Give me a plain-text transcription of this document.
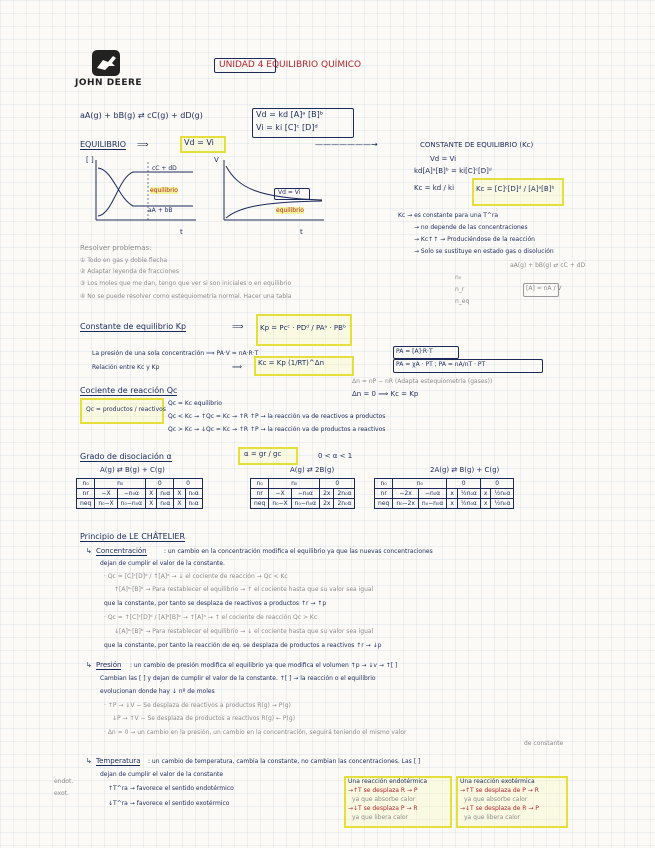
JOHN DEERE
UNIDAD 4 EQUILIBRIO QUÍMICO
aA(g) + bB(g) ⇄ cC(g) + dD(g)	Vd = kd [A]ᵃ [B]ᵇ
Vi = ki [C]ᶜ [D]ᵈ
EQUILIBRIO ⟹	Vd = Vi	———————→	CONSTANTE DE EQUILIBRIO (Kc)
Vd = Vi
kd[A]ᵃ[B]ᵇ = ki[C]ᶜ[D]ᵈ
Kc = kd / ki	Kc = [C]ᶜ[D]ᵈ / [A]ᵃ[B]ᵇ
[ ]
cC + dD
equilibrio
aA + bB
t
V
Vd = Vi
equilibrio
t
Kc → es constante para una T^ra
→ no depende de las concentraciones
→ Kc↑↑ → Produciéndose de la reacción
→ Solo se sustituye en estado gas o disolución
Resolver problemas:
① Todo en gas y doble flecha
② Adaptar leyenda de fracciones
③ Los moles que me dan, tengo que ver si son iniciales o en equilibrio
④ No se puede resolver como estequiometría normal. Hacer una tabla
aA(g) + bB(g) ⇄ cC + dD
n₀
n_r
n_eq
[A] = nA / V
Constante de equilibrio Kp	⟹ Kp = Pcᶜ · PDᵈ / PAᵃ · PBᵇ
La presión de una sola concentración ⟹ PA·V = nA·R·T	PA = [A]·R·T
PA = χA · PT ; PA = nA/nT · PT
Relación entre Kc y Kp	⟹ Kc = Kp (1/RT)^Δn
Δn = nP − nR (Adapta estequiometría (gases))
Δn = 0 ⟹ Kc = Kp
Cociente de reacción Qc
Qc = productos / reactivos
Qc = Kc equilibrio
Qc < Kc → ↑Qc = Kc → ↑R ↑P → la reacción va de reactivos a productos
Qc > Kc → ↓Qc = Kc → ↑R ↑P → la reacción va de productos a reactivos
Grado de disociación α	α = gr / gc	0 < α < 1
A(g) ⇄ B(g) + C(g)	A(g) ⇄ 2B(g)	2A(g) ⇄ B(g) + C(g)
n₀	n₀		0		0	
nr	−X	−n₀α	X	n₀α	X	n₀α
neq	n₀−X	n₀−n₀α	X	n₀α	X	n₀α
n₀	n₀		0	
nr	−X	−n₀α	2x	2n₀α
neq	n₀−X	n₀−n₀α	2x	2n₀α
n₀	n₀		0		0	
nr	−2x	−n₀α	x	½n₀α	x	½n₀α
neq	n₀−2x	n₀−n₀α	x	½n₀α	x	½n₀α
Principio de LE CHÂTELIER
↳ Concentración	: un cambio en la concentración modifica el equilibrio ya que las nuevas concentraciones
dejan de cumplir el valor de la constante.
· Qc = [C]ᶜ[D]ᵈ / ↑[A]ᵃ → ↓ el cociente de reacción → Qc < Kc
↑[A]ᵃ·[B]ᵇ → Para restablecer el equilibrio → ↑ el cociente hasta que su valor sea igual
que la constante, por tanto se desplaza de reactivos a productos ↑r → ↑p
· Qc = ↑[C]ᶜ[D]ᵈ / [A]ᵃ[B]ᵇ → ↑[A]ᵃ → ↑ el cociente de reacción Qc > Kc
↓[A]ᵃ·[B]ᵇ → Para restablecer el equilibrio → ↓ el cociente hasta que su valor sea igual
que la constante, por tanto la reacción de eq. se desplaza de productos a reactivos ↑r → ↓p
↳ Presión : un cambio de presión modifica el equilibrio ya que modifica el volumen ↑p → ↓v → ↑[ ]
Cambian las [ ] y dejan de cumplir el valor de la constante. ↑[ ] → la reacción o el equilibrio
evolucionan donde hay ↓ nº de moles
· ↑P → ↓V − Se desplaza de reactivos a productos R(g) → P(g)
↓P → ↑V − Se desplaza de productos a reactivos R(g) ← P(g)
· Δn = 0 → un cambio en la presión, un cambio en la concentración, seguirá teniendo el mismo valor
de constante
↳ Temperatura : un cambio de temperatura, cambia la constante, no cambian las concentraciones. Las [ ]
dejan de cumplir el valor de la constante
endot.
exot.
↑T^ra → favorece el sentido endotérmico
↓T^ra → favorece el sentido exotérmico
Una reacción endotérmica
→↑T se desplaza R → P
ya que absorbe calor
→↓T se desplaza P → R
ya que libera calor
Una reacción exotérmica
→↑T se desplaza de P → R
ya que absorbe calor
→↓T se desplaza de R → P
ya que libera calor
